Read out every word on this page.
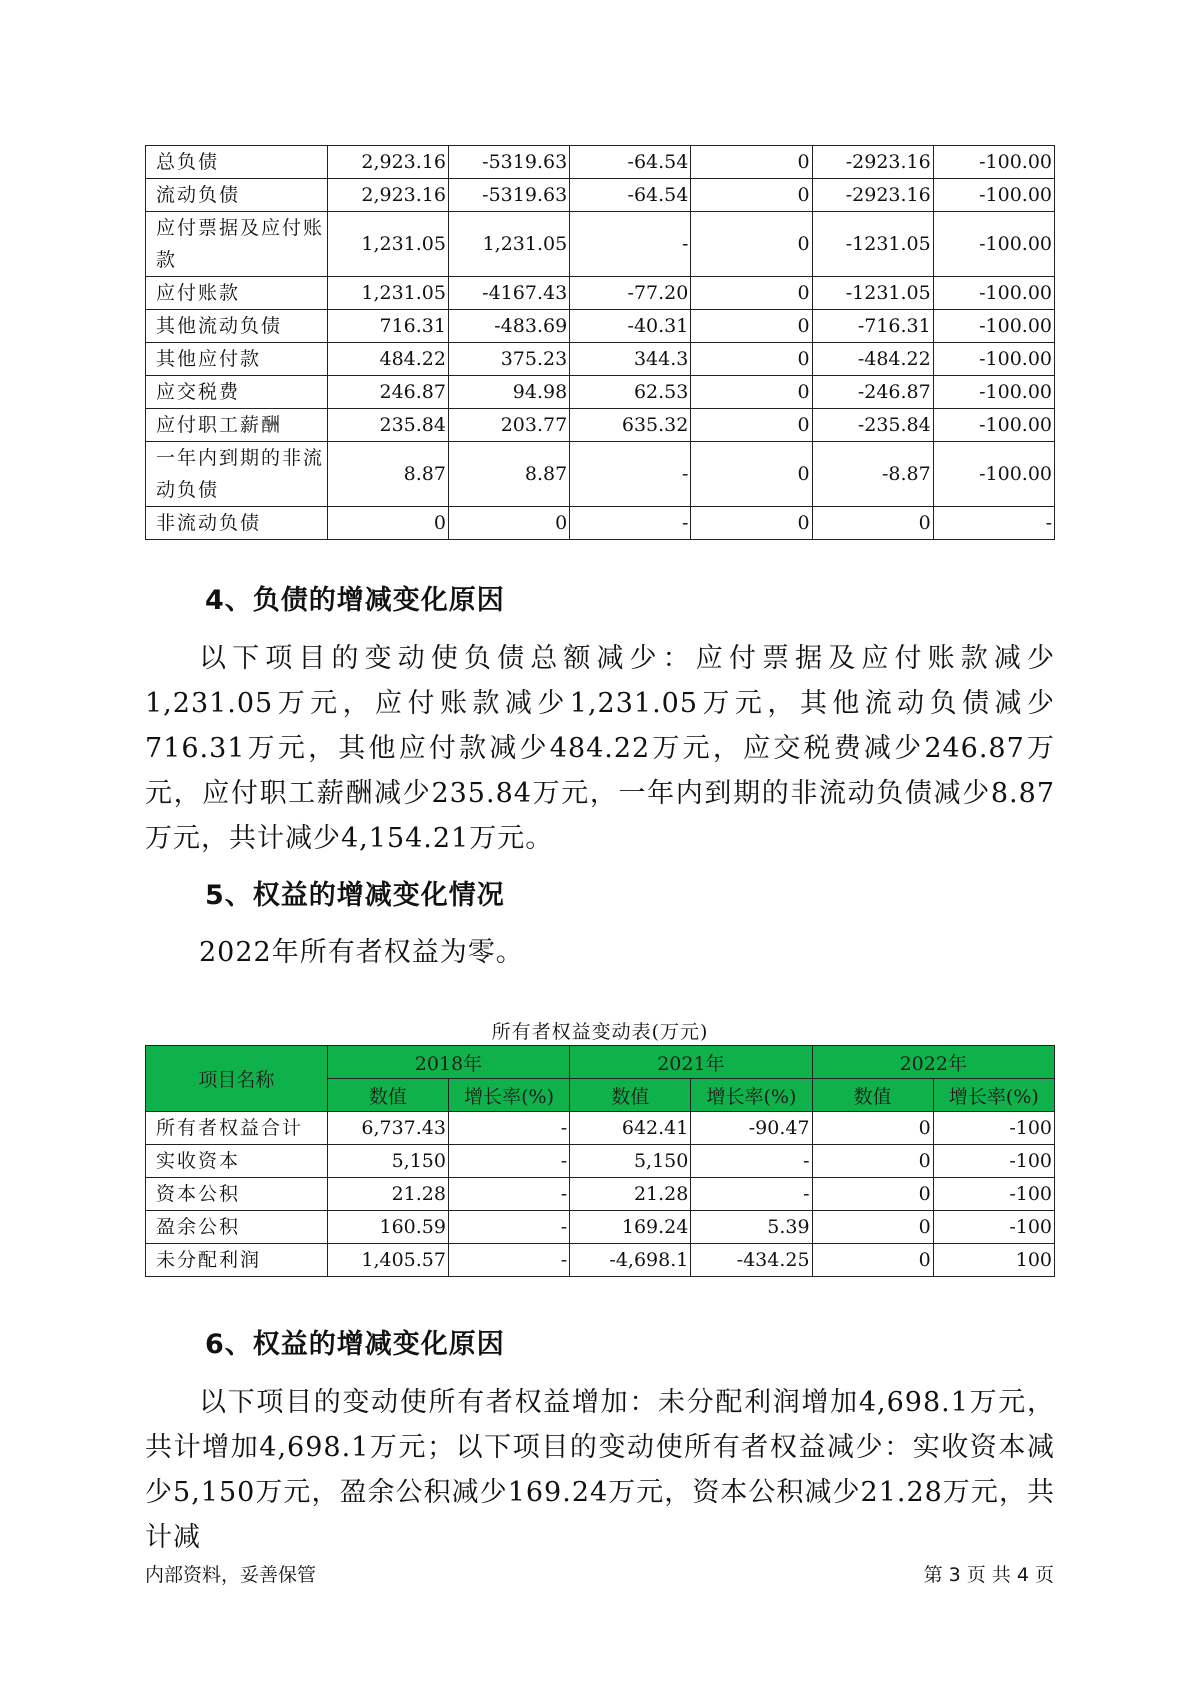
总负债	2,923.16	-5319.63	-64.54	0	-2923.16	-100.00
流动负债	2,923.16	-5319.63	-64.54	0	-2923.16	-100.00
应付票据及应付账款	1,231.05	1,231.05	-	0	-1231.05	-100.00
应付账款	1,231.05	-4167.43	-77.20	0	-1231.05	-100.00
其他流动负债	716.31	-483.69	-40.31	0	-716.31	-100.00
其他应付款	484.22	375.23	344.3	0	-484.22	-100.00
应交税费	246.87	94.98	62.53	0	-246.87	-100.00
应付职工薪酬	235.84	203.77	635.32	0	-235.84	-100.00
一年内到期的非流动负债	8.87	8.87	-	0	-8.87	-100.00
非流动负债	0	0	-	0	0	-
4、负债的增减变化原因

以下项目的变动使负债总额减少：应付票据及应付账款减少1,231.05万元，应付账款减少1,231.05万元，其他流动负债减少716.31万元，其他应付款减少484.22万元，应交税费减少246.87万元，应付职工薪酬减少235.84万元，一年内到期的非流动负债减少8.87万元，共计减少4,154.21万元。

5、权益的增减变化情况

2022年所有者权益为零。

所有者权益变动表(万元)
项目名称	2018年		2021年		2022年	
	数值	增长率(%)	数值	增长率(%)	数值	增长率(%)
所有者权益合计	6,737.43	-	642.41	-90.47	0	-100
实收资本	5,150	-	5,150	-	0	-100
资本公积	21.28	-	21.28	-	0	-100
盈余公积	160.59	-	169.24	5.39	0	-100
未分配利润	1,405.57	-	-4,698.1	-434.25	0	100
6、权益的增减变化原因

以下项目的变动使所有者权益增加：未分配利润增加4,698.1万元，共计增加4,698.1万元；以下项目的变动使所有者权益减少：实收资本减少5,150万元，盈余公积减少169.24万元，资本公积减少21.28万元，共计减

内部资料，妥善保管	第 3 页 共 4 页
